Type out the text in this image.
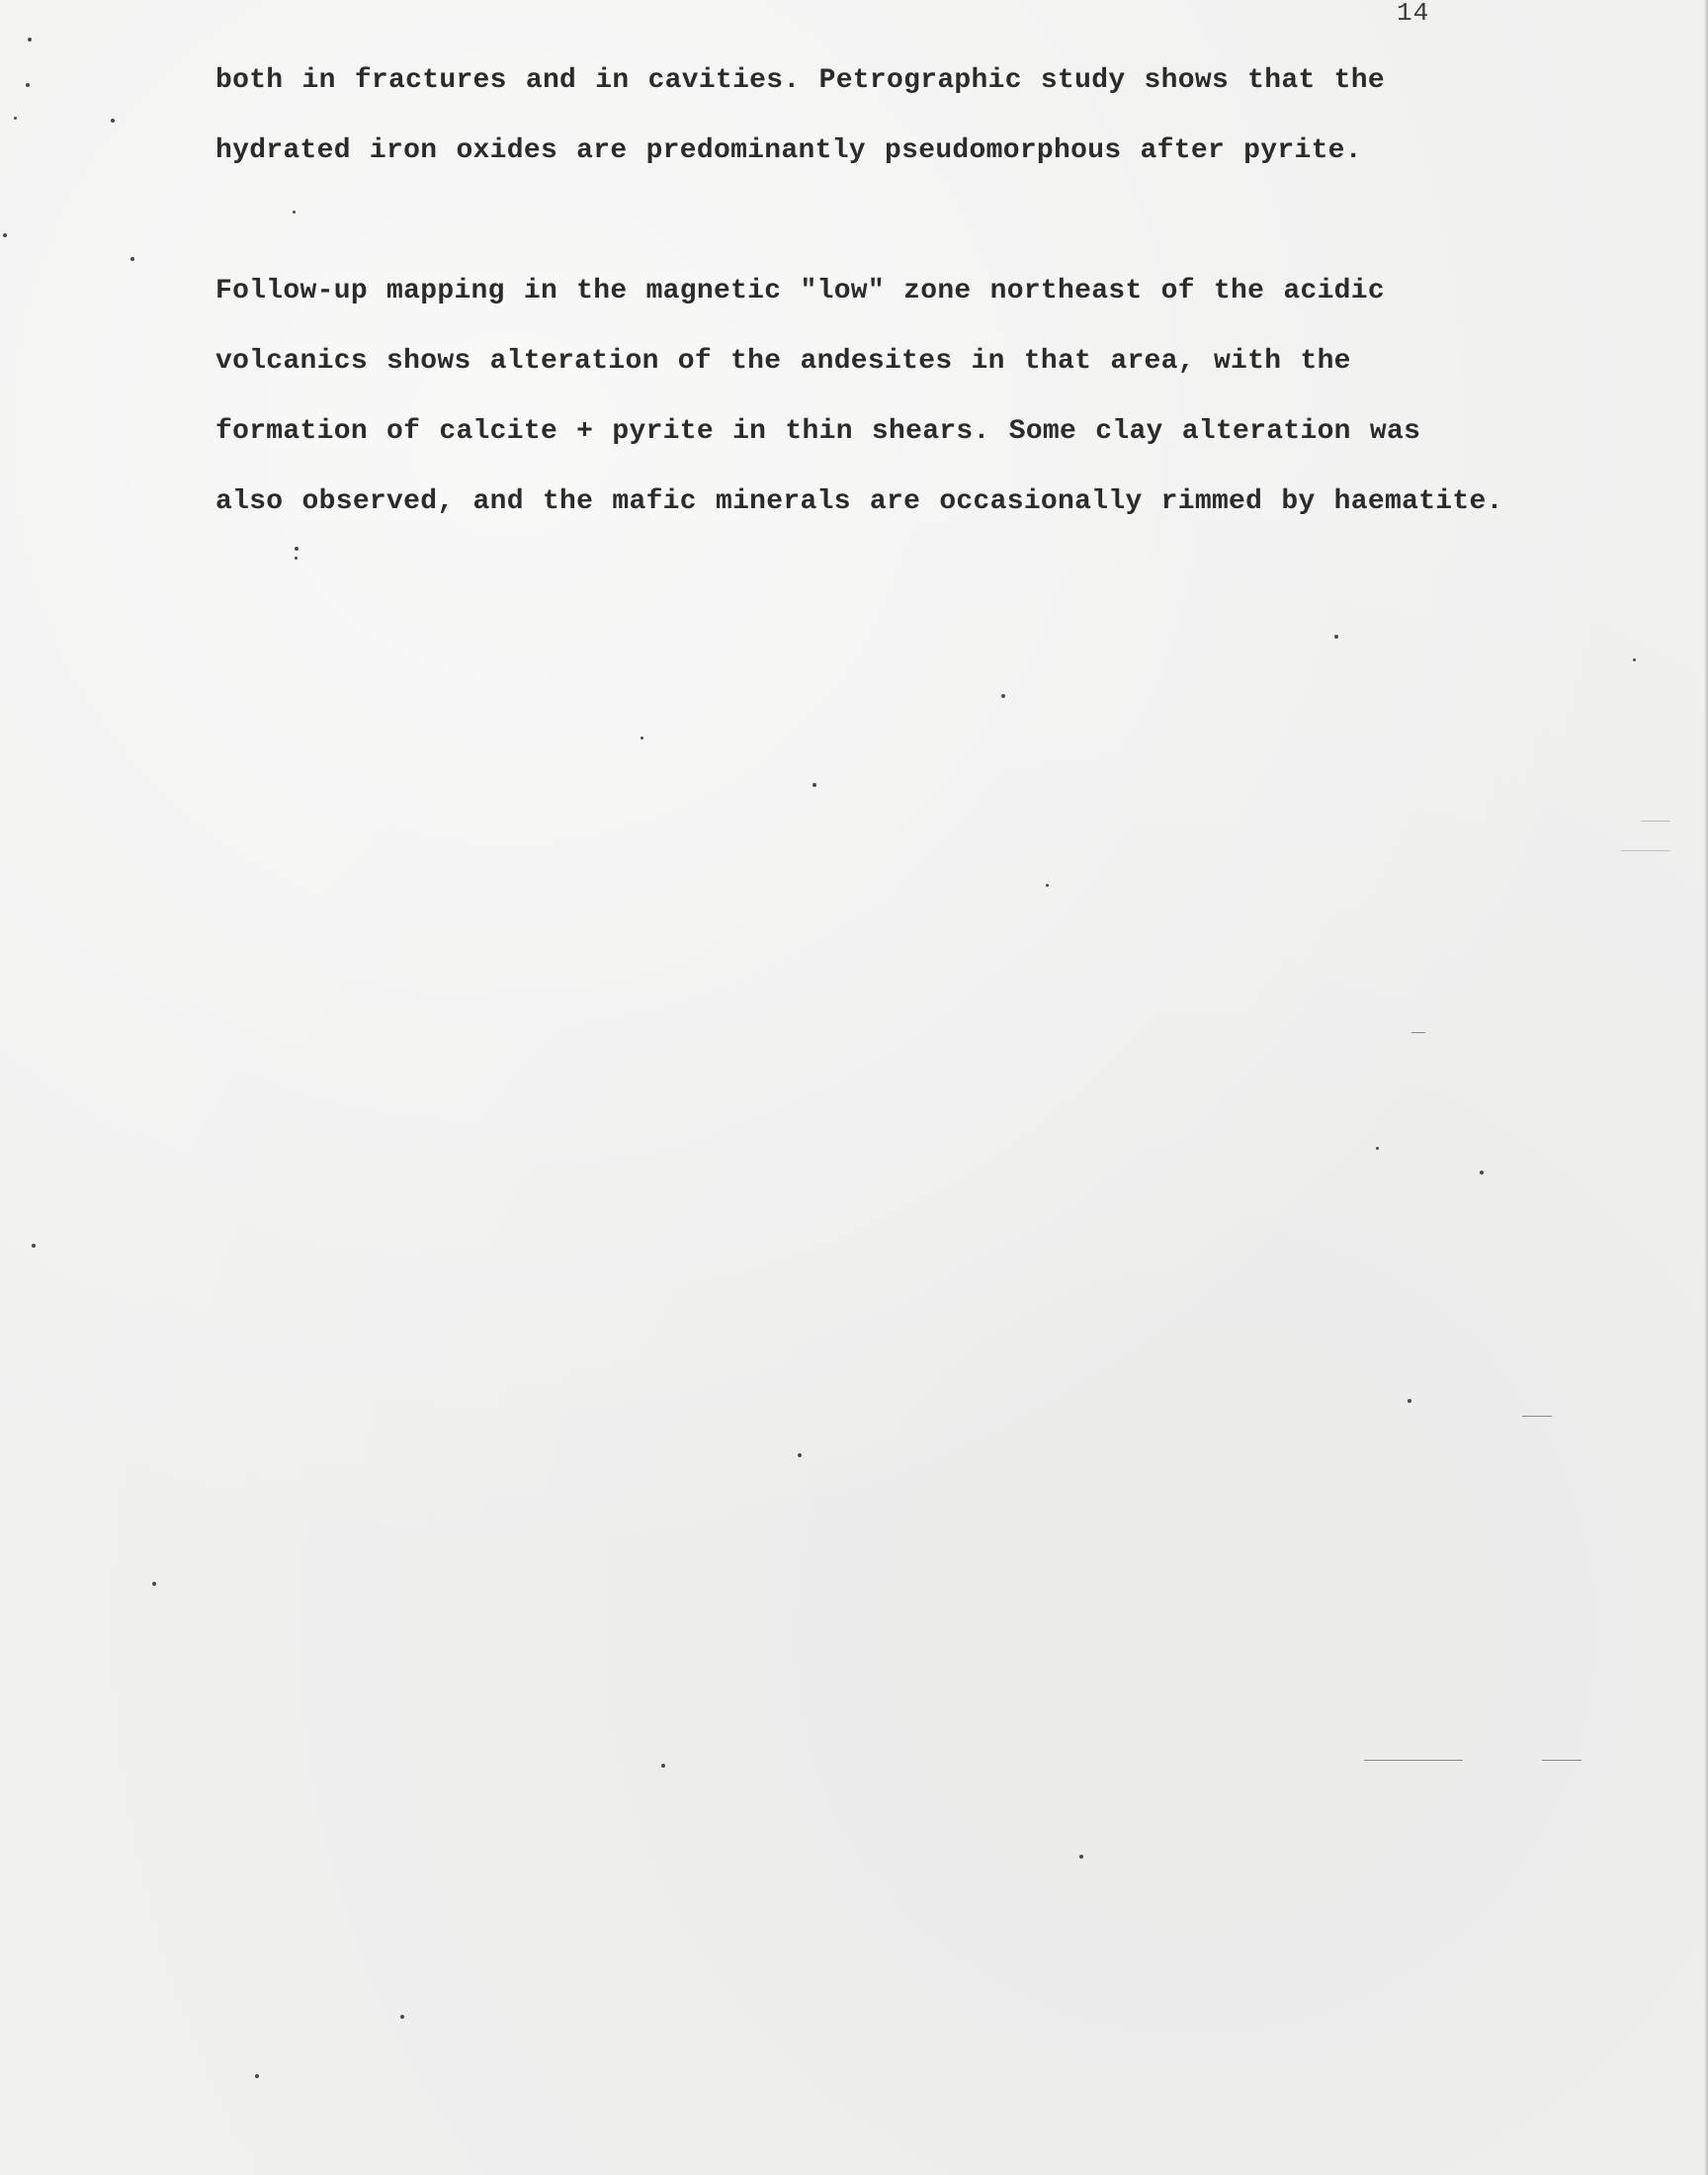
14
both in fractures and in cavities. Petrographic study shows that the
hydrated iron oxides are predominantly pseudomorphous after pyrite.
Follow-up mapping in the magnetic "low" zone northeast of the acidic
volcanics shows alteration of the andesites in that area, with the
formation of calcite + pyrite in thin shears. Some clay alteration was
also observed, and the mafic minerals are occasionally rimmed by haematite.
